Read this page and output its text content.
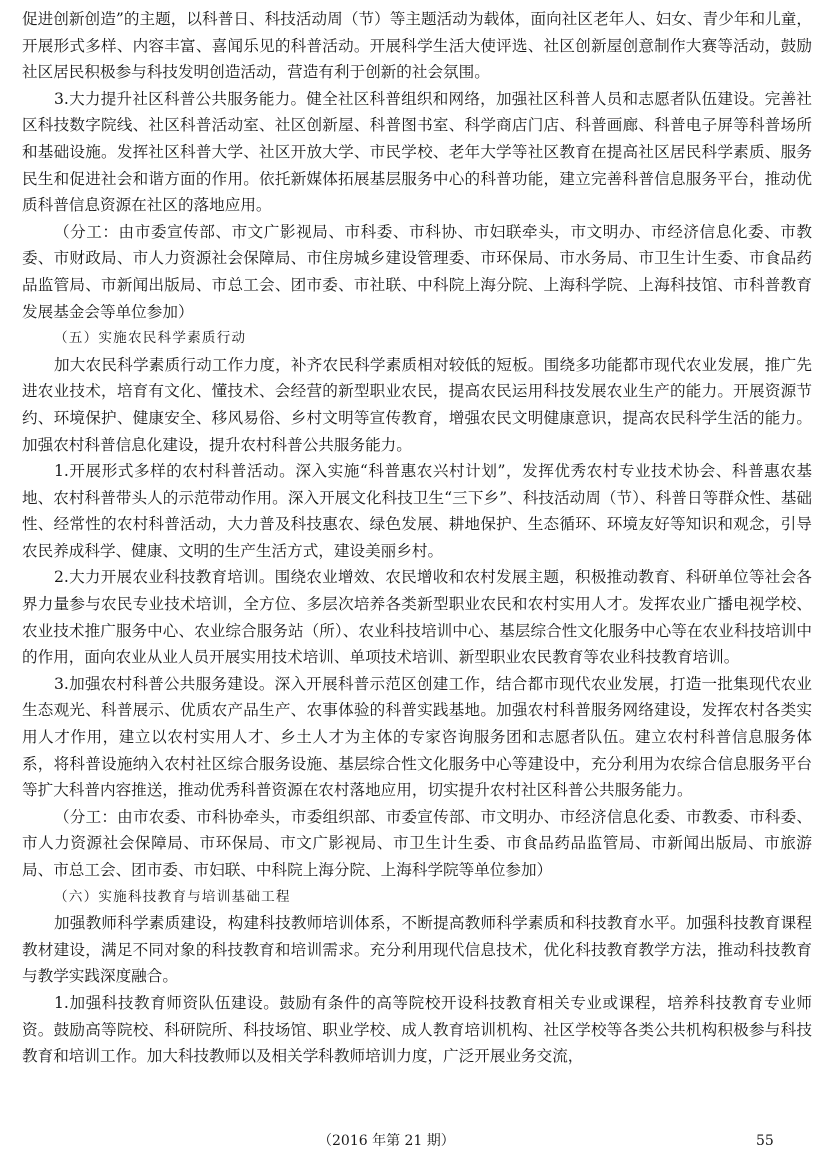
促进创新创造”的主题，以科普日、科技活动周（节）等主题活动为载体，面向社区老年人、妇女、青少年和儿童，开展形式多样、内容丰富、喜闻乐见的科普活动。开展科学生活大使评选、社区创新屋创意制作大赛等活动，鼓励社区居民积极参与科技发明创造活动，营造有利于创新的社会氛围。

3.大力提升社区科普公共服务能力。健全社区科普组织和网络，加强社区科普人员和志愿者队伍建设。完善社区科技数字院线、社区科普活动室、社区创新屋、科普图书室、科学商店门店、科普画廊、科普电子屏等科普场所和基础设施。发挥社区科普大学、社区开放大学、市民学校、老年大学等社区教育在提高社区居民科学素质、服务民生和促进社会和谐方面的作用。依托新媒体拓展基层服务中心的科普功能，建立完善科普信息服务平台，推动优质科普信息资源在社区的落地应用。

（分工：由市委宣传部、市文广影视局、市科委、市科协、市妇联牵头，市文明办、市经济信息化委、市教委、市财政局、市人力资源社会保障局、市住房城乡建设管理委、市环保局、市水务局、市卫生计生委、市食品药品监管局、市新闻出版局、市总工会、团市委、市社联、中科院上海分院、上海科学院、上海科技馆、市科普教育发展基金会等单位参加）

（五）实施农民科学素质行动

加大农民科学素质行动工作力度，补齐农民科学素质相对较低的短板。围绕多功能都市现代农业发展，推广先进农业技术，培育有文化、懂技术、会经营的新型职业农民，提高农民运用科技发展农业生产的能力。开展资源节约、环境保护、健康安全、移风易俗、乡村文明等宣传教育，增强农民文明健康意识，提高农民科学生活的能力。加强农村科普信息化建设，提升农村科普公共服务能力。

1.开展形式多样的农村科普活动。深入实施“科普惠农兴村计划”，发挥优秀农村专业技术协会、科普惠农基地、农村科普带头人的示范带动作用。深入开展文化科技卫生“三下乡”、科技活动周（节）、科普日等群众性、基础性、经常性的农村科普活动，大力普及科技惠农、绿色发展、耕地保护、生态循环、环境友好等知识和观念，引导农民养成科学、健康、文明的生产生活方式，建设美丽乡村。

2.大力开展农业科技教育培训。围绕农业增效、农民增收和农村发展主题，积极推动教育、科研单位等社会各界力量参与农民专业技术培训，全方位、多层次培养各类新型职业农民和农村实用人才。发挥农业广播电视学校、农业技术推广服务中心、农业综合服务站（所）、农业科技培训中心、基层综合性文化服务中心等在农业科技培训中的作用，面向农业从业人员开展实用技术培训、单项技术培训、新型职业农民教育等农业科技教育培训。

3.加强农村科普公共服务建设。深入开展科普示范区创建工作，结合都市现代农业发展，打造一批集现代农业生态观光、科普展示、优质农产品生产、农事体验的科普实践基地。加强农村科普服务网络建设，发挥农村各类实用人才作用，建立以农村实用人才、乡土人才为主体的专家咨询服务团和志愿者队伍。建立农村科普信息服务体系，将科普设施纳入农村社区综合服务设施、基层综合性文化服务中心等建设中，充分利用为农综合信息服务平台等扩大科普内容推送，推动优秀科普资源在农村落地应用，切实提升农村社区科普公共服务能力。

（分工：由市农委、市科协牵头，市委组织部、市委宣传部、市文明办、市经济信息化委、市教委、市科委、市人力资源社会保障局、市环保局、市文广影视局、市卫生计生委、市食品药品监管局、市新闻出版局、市旅游局、市总工会、团市委、市妇联、中科院上海分院、上海科学院等单位参加）

（六）实施科技教育与培训基础工程

加强教师科学素质建设，构建科技教师培训体系，不断提高教师科学素质和科技教育水平。加强科技教育课程教材建设，满足不同对象的科技教育和培训需求。充分利用现代信息技术，优化科技教育教学方法，推动科技教育与教学实践深度融合。

1.加强科技教育师资队伍建设。鼓励有条件的高等院校开设科技教育相关专业或课程，培养科技教育专业师资。鼓励高等院校、科研院所、科技场馆、职业学校、成人教育培训机构、社区学校等各类公共机构积极参与科技教育和培训工作。加大科技教师以及相关学科教师培训力度，广泛开展业务交流，

（2016 年第 21 期）	55
